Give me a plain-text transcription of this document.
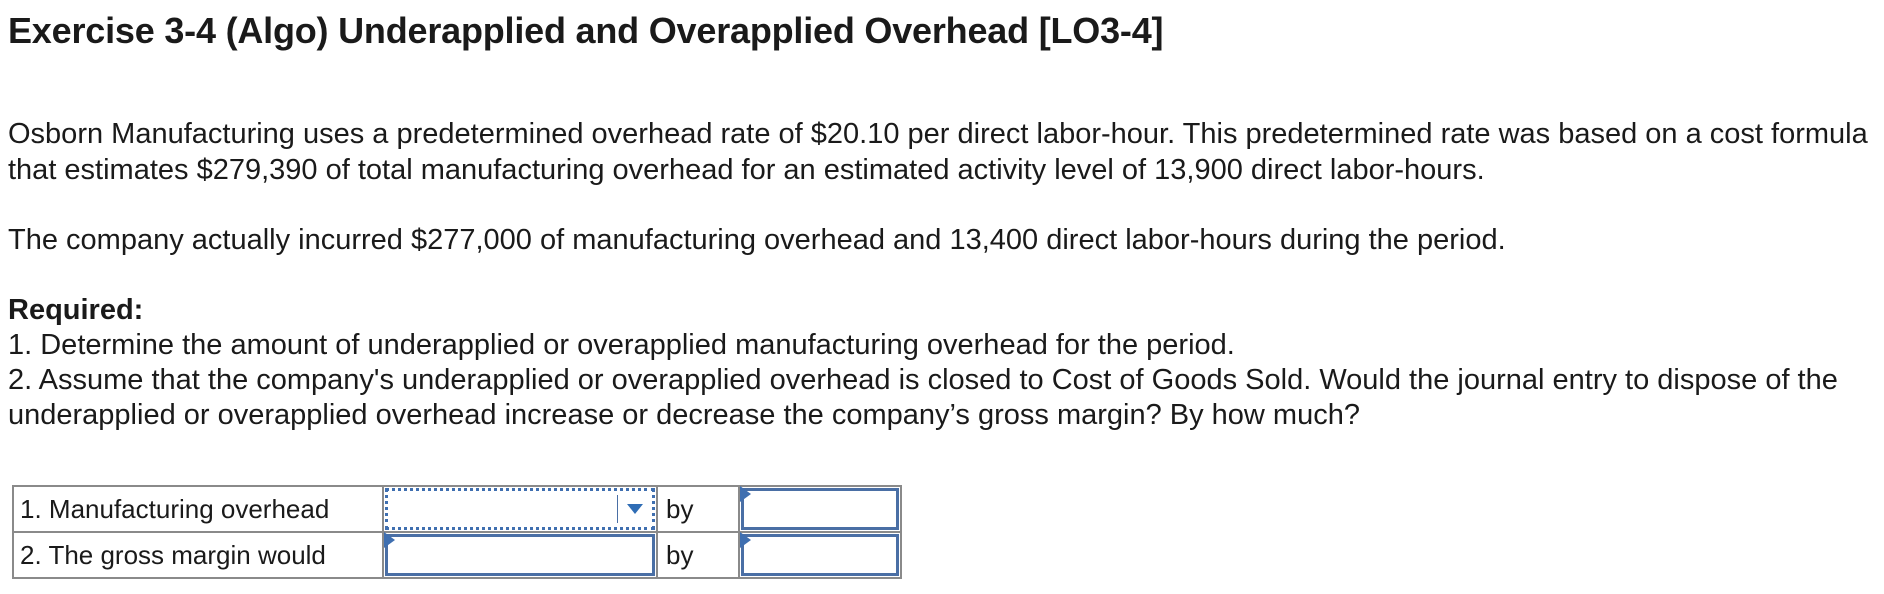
Exercise 3-4 (Algo) Underapplied and Overapplied Overhead [LO3-4]

Osborn Manufacturing uses a predetermined overhead rate of $20.10 per direct labor-hour. This predetermined rate was based on a cost formula that estimates $279,390 of total manufacturing overhead for an estimated activity level of 13,900 direct labor-hours.

The company actually incurred $277,000 of manufacturing overhead and 13,400 direct labor-hours during the period.

Required:
1. Determine the amount of underapplied or overapplied manufacturing overhead for the period.
2. Assume that the company's underapplied or overapplied overhead is closed to Cost of Goods Sold. Would the journal entry to dispose of the underapplied or overapplied overhead increase or decrease the company’s gross margin? By how much?
1. Manufacturing overhead		by	

2. The gross margin would		by	
